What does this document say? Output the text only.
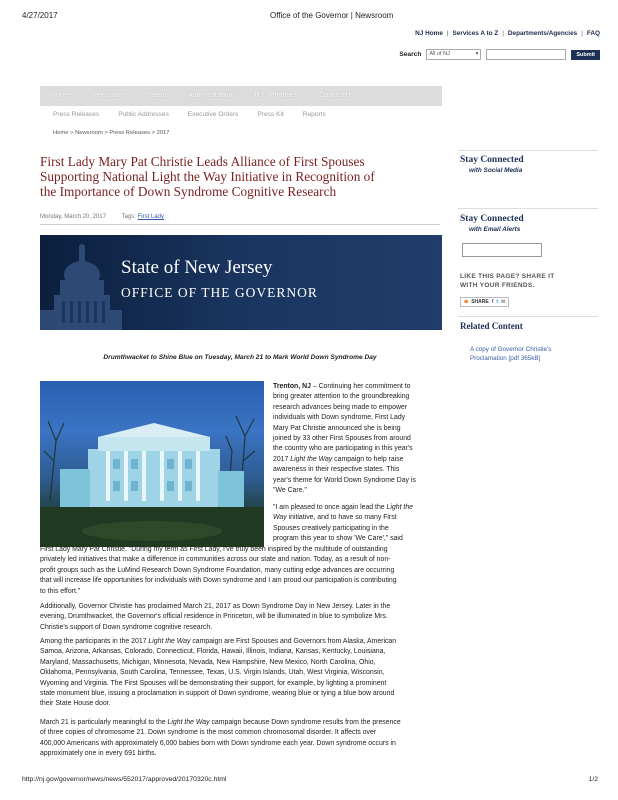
4/27/2017	Office of the Governor | Newsroom
NJ Home | Services A to Z | Departments/Agencies | FAQ
Search All of NJ	▾	Submit
Home	Newsroom	Media	Administration	NJ's Priorities	Contact Us
Press Releases	Public Addresses	Executive Orders	Press Kit	Reports
Home > Newsroom > Press Releases > 2017
First Lady Mary Pat Christie Leads Alliance of First Spouses
Supporting National Light the Way Initiative in Recognition of
the Importance of Down Syndrome Cognitive Research
Monday, March 20, 2017	Tags: First Lady
State of New Jersey
OFFICE OF THE GOVERNOR
Drumthwacket to Shine Blue on Tuesday, March 21 to Mark World Down Syndrome Day
Trenton, NJ – Continuing her commitment to
bring greater attention to the groundbreaking
research advances being made to empower
individuals with Down syndrome, First Lady
Mary Pat Christie announced she is being
joined by 33 other First Spouses from around
the country who are participating in this year's
2017 Light the Way campaign to help raise
awareness in their respective states. This
year's theme for World Down Syndrome Day is
"We Care."
"I am pleased to once again lead the Light the
Way initiative, and to have so many First
Spouses creatively participating in the
program this year to show 'We Care'," said
First Lady Mary Pat Christie. "During my term as First Lady, I've truly been inspired by the multitude of outstanding
privately led initiatives that make a difference in communities across our state and nation. Today, as a result of non-
profit groups such as the LuMind Research Down Syndrome Foundation, many cutting edge advances are occurring
that will increase life opportunities for individuals with Down syndrome and I am proud our participation is contributing
to this effort."
Additionally, Governor Christie has proclaimed March 21, 2017 as Down Syndrome Day in New Jersey. Later in the
evening, Drumthwacket, the Governor's official residence in Princeton, will be illuminated in blue to symbolize Mrs.
Christie's support of Down syndrome cognitive research.
Among the participants in the 2017 Light the Way campaign are First Spouses and Governors from Alaska, American
Samoa, Arizona, Arkansas, Colorado, Connecticut, Florida, Hawaii, Illinois, Indiana, Kansas, Kentucky, Louisiana,
Maryland, Massachusetts, Michigan, Minnesota, Nevada, New Hampshire, New Mexico, North Carolina, Ohio,
Oklahoma, Pennsylvania, South Carolina, Tennessee, Texas, U.S. Virgin Islands, Utah, West Virginia, Wisconsin,
Wyoming and Virginia. The First Spouses will be demonstrating their support, for example, by lighting a prominent
state monument blue, issuing a proclamation in support of Down syndrome, wearing blue or tying a blue bow around
their State House door.
March 21 is particularly meaningful to the Light the Way campaign because Down syndrome results from the presence
of three copies of chromosome 21. Down syndrome is the most common chromosomal disorder. It affects over
400,000 Americans with approximately 6,000 babies born with Down syndrome each year. Down syndrome occurs in
approximately one in every 691 births.
Stay Connected
with Social Media
Stay Connected
with Email Alerts
LIKE THIS PAGE? SHARE IT
WITH YOUR FRIENDS.
⊕ SHARE f t ✉
Related Content
A copy of Governor Christie's
Proclamation [pdf 365kB]
http://nj.gov/governor/news/news/552017/approved/20170320c.html	1/2
